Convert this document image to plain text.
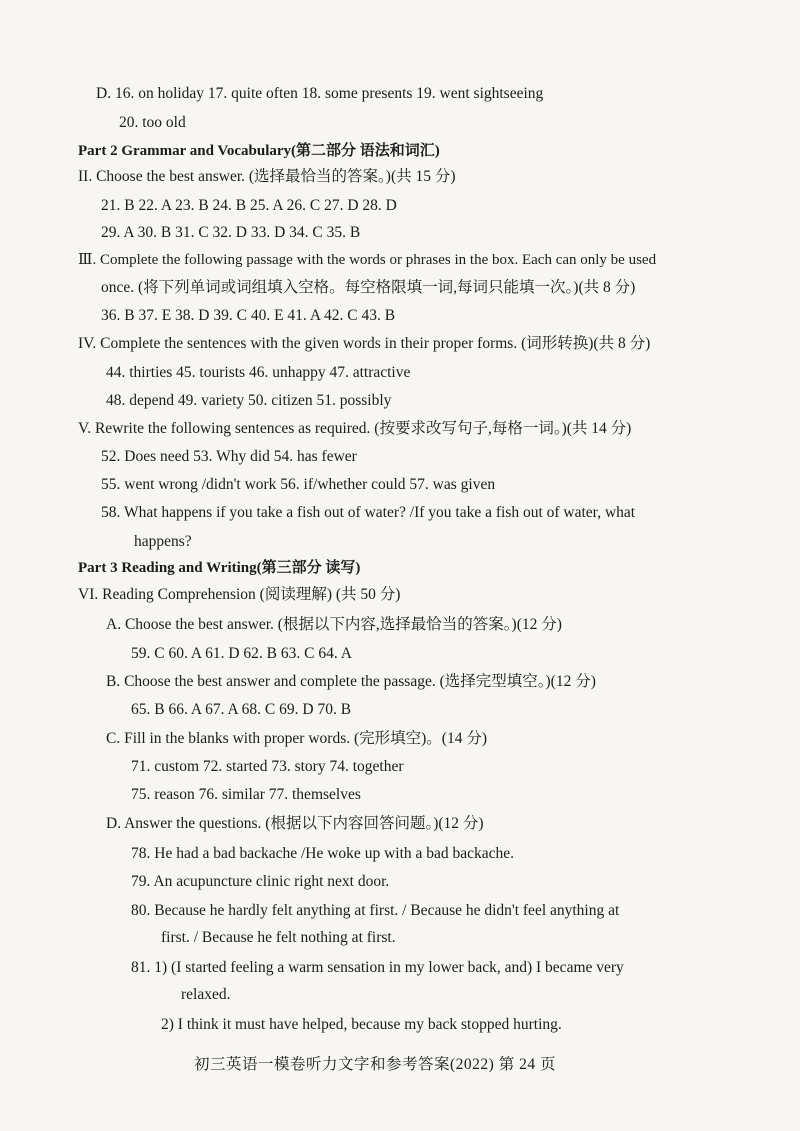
D. 16. on holiday 17. quite often 18. some presents 19. went sightseeing
20. too old
Part 2 Grammar and Vocabulary(第二部分 语法和词汇)
II. Choose the best answer. (选择最恰当的答案。)(共 15 分)
21. B 22. A 23. B 24. B 25. A 26. C 27. D 28. D
29. A 30. B 31. C 32. D 33. D 34. C 35. B
Ⅲ. Complete the following passage with the words or phrases in the box. Each can only be used
once. (将下列单词或词组填入空格。每空格限填一词,每词只能填一次。)(共 8 分)
36. B 37. E 38. D 39. C 40. E 41. A 42. C 43. B
IV. Complete the sentences with the given words in their proper forms. (词形转换)(共 8 分)
44. thirties 45. tourists 46. unhappy 47. attractive
48. depend 49. variety 50. citizen 51. possibly
V. Rewrite the following sentences as required. (按要求改写句子,每格一词。)(共 14 分)
52. Does need 53. Why did 54. has fewer
55. went wrong /didn't work 56. if/whether could 57. was given
58. What happens if you take a fish out of water? /If you take a fish out of water, what
happens?
Part 3 Reading and Writing(第三部分 读写)
VI. Reading Comprehension (阅读理解) (共 50 分)
A. Choose the best answer. (根据以下内容,选择最恰当的答案。)(12 分)
59. C 60. A 61. D 62. B 63. C 64. A
B. Choose the best answer and complete the passage. (选择完型填空。)(12 分)
65. B 66. A 67. A 68. C 69. D 70. B
C. Fill in the blanks with proper words. (完形填空)。(14 分)
71. custom 72. started 73. story 74. together
75. reason 76. similar 77. themselves
D. Answer the questions. (根据以下内容回答问题。)(12 分)
78. He had a bad backache /He woke up with a bad backache.
79. An acupuncture clinic right next door.
80. Because he hardly felt anything at first. / Because he didn't feel anything at
first. / Because he felt nothing at first.
81. 1) (I started feeling a warm sensation in my lower back, and) I became very
relaxed.
2) I think it must have helped, because my back stopped hurting.
初三英语一模卷听力文字和参考答案(2022) 第 24 页
